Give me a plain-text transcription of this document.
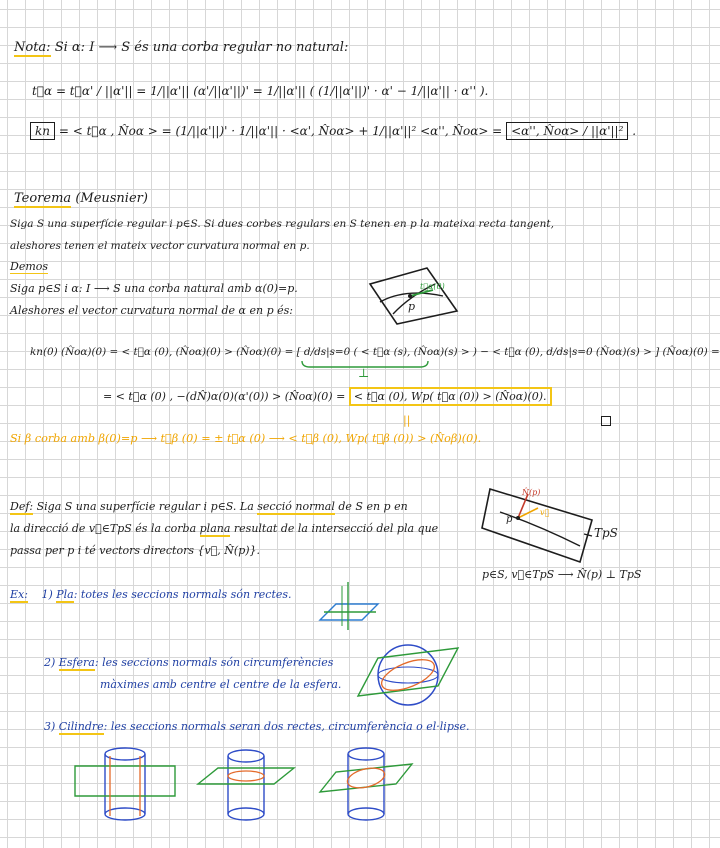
Nota: Si α: I ⟶ S és una corba regular no natural:
t⃗α = t⃗α' / ||α'|| = 1/||α'|| (α'/||α'||)' = 1/||α'|| ( (1/||α'||)' · α' − 1/||α'|| · α'' ).
kn = < t⃗α , N̂oα > = (1/||α'||)' · 1/||α'|| · <α', N̂oα> + 1/||α'||² <α'', N̂oα> = <α'', N̂oα> / ||α'||² .
Teorema (Meusnier)
Siga S una superfície regular i p∈S. Si dues corbes regulars en S tenen en p la mateixa recta tangent,
aleshores tenen el mateix vector curvatura normal en p.
Demos
Siga p∈S i α: I ⟶ S una corba natural amb α(0)=p.
Aleshores el vector curvatura normal de α en p és:
t⃗α(0)
p
kn(0) (N̂oα)(0) = < t⃗α (0), (N̂oα)(0) > (N̂oα)(0) = [ d/ds|s=0 ( < t⃗α (s), (N̂oα)(s) > ) − < t⃗α (0), d/ds|s=0 (N̂oα)(s) > ] (N̂oα)(0) =
⊥
= < t⃗α (0) , −(dN̂)α(0)(α'(0)) > (N̂oα)(0) = < t⃗α (0), Wp( t⃗α (0)) > (N̂oα)(0).
||
Si β corba amb β(0)=p ⟶ t⃗β (0) = ± t⃗α (0) ⟶ < t⃗β (0), Wp( t⃗β (0)) > (N̂oβ)(0).
Def: Siga S una superfície regular i p∈S. La secció normal de S en p en
la direcció de v⃗∈TpS és la corba plana resultat de la intersecció del pla que
passa per p i té vectors directors {v⃗, N̂(p)}.
N̂(p)
v⃗
p
TpS
p∈S, v⃗∈TpS ⟶ N̂(p) ⊥ TpS
Ex: 1) Pla: totes les seccions normals són rectes.
2) Esfera: les seccions normals són circumferències
màximes amb centre el centre de la esfera.
3) Cilindre: les seccions normals seran dos rectes, circumferència o el·lipse.
